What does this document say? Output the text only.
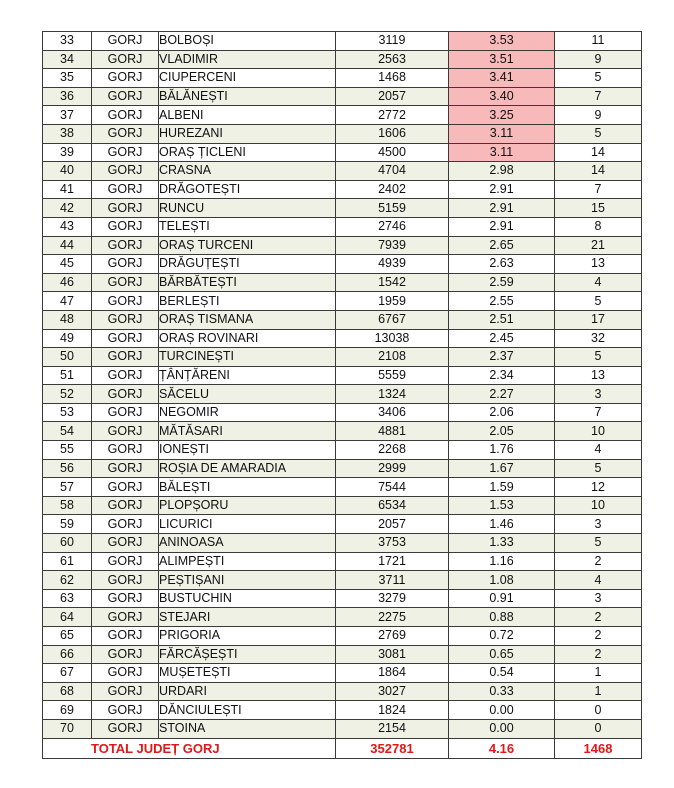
33	GORJ	BOLBOȘI	3119	3.53	11
34	GORJ	VLADIMIR	2563	3.51	9
35	GORJ	CIUPERCENI	1468	3.41	5
36	GORJ	BĂLĂNEȘTI	2057	3.40	7
37	GORJ	ALBENI	2772	3.25	9
38	GORJ	HUREZANI	1606	3.11	5
39	GORJ	ORAȘ ȚICLENI	4500	3.11	14
40	GORJ	CRASNA	4704	2.98	14
41	GORJ	DRĂGOTEȘTI	2402	2.91	7
42	GORJ	RUNCU	5159	2.91	15
43	GORJ	TELEȘTI	2746	2.91	8
44	GORJ	ORAȘ TURCENI	7939	2.65	21
45	GORJ	DRĂGUȚEȘTI	4939	2.63	13
46	GORJ	BĂRBĂTEȘTI	1542	2.59	4
47	GORJ	BERLEȘTI	1959	2.55	5
48	GORJ	ORAȘ TISMANA	6767	2.51	17
49	GORJ	ORAȘ ROVINARI	13038	2.45	32
50	GORJ	TURCINEȘTI	2108	2.37	5
51	GORJ	ȚÂNȚĂRENI	5559	2.34	13
52	GORJ	SĂCELU	1324	2.27	3
53	GORJ	NEGOMIR	3406	2.06	7
54	GORJ	MĂTĂSARI	4881	2.05	10
55	GORJ	IONEȘTI	2268	1.76	4
56	GORJ	ROȘIA DE AMARADIA	2999	1.67	5
57	GORJ	BĂLEȘTI	7544	1.59	12
58	GORJ	PLOPȘORU	6534	1.53	10
59	GORJ	LICURICI	2057	1.46	3
60	GORJ	ANINOASA	3753	1.33	5
61	GORJ	ALIMPEȘTI	1721	1.16	2
62	GORJ	PEȘTIȘANI	3711	1.08	4
63	GORJ	BUSTUCHIN	3279	0.91	3
64	GORJ	STEJARI	2275	0.88	2
65	GORJ	PRIGORIA	2769	0.72	2
66	GORJ	FĂRCĂȘEȘTI	3081	0.65	2
67	GORJ	MUȘETEȘTI	1864	0.54	1
68	GORJ	URDARI	3027	0.33	1
69	GORJ	DĂNCIULEȘTI	1824	0.00	0
70	GORJ	STOINA	2154	0.00	0
TOTAL JUDEȚ GORJ			352781	4.16	1468
